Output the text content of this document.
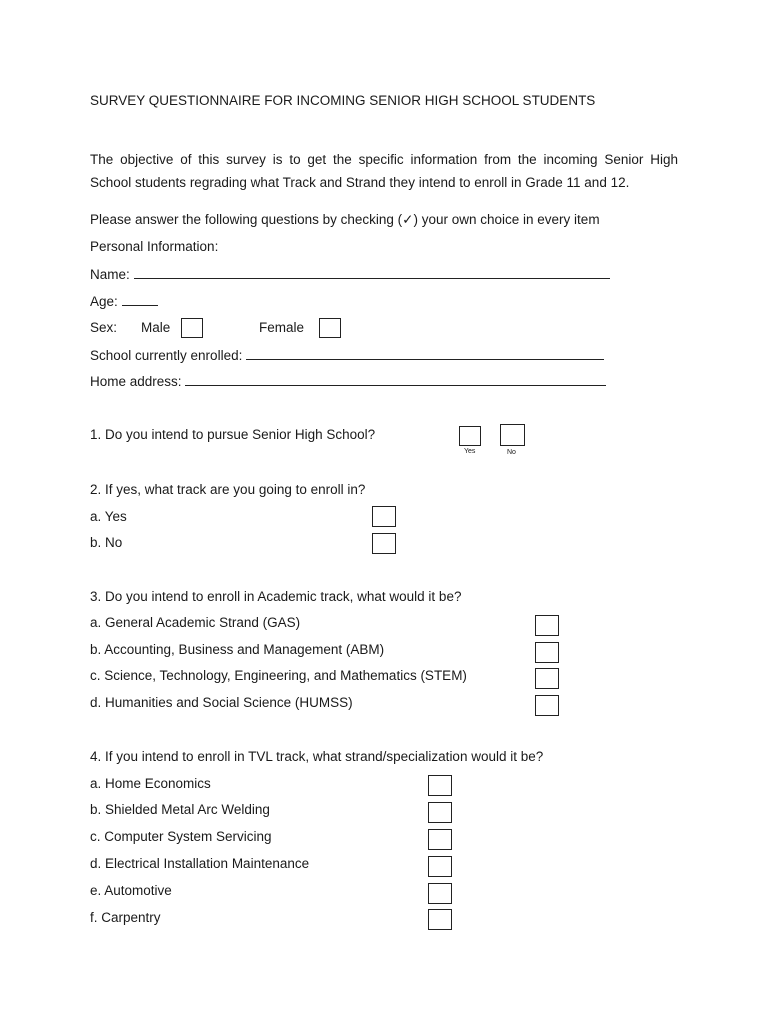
SURVEY QUESTIONNAIRE FOR INCOMING SENIOR HIGH SCHOOL STUDENTS
The objective of this survey is to get the specific information from the incoming Senior High
School students regrading what Track and Strand they intend to enroll in Grade 11 and 12.
Please answer the following questions by checking (✓) your own choice in every item
Personal Information:
Name:
Age:
Sex: Male	Female
School currently enrolled:
Home address:
1. Do you intend to pursue Senior High School?
Yes	No
2. If yes, what track are you going to enroll in?
a. Yes
b. No
3. Do you intend to enroll in Academic track, what would it be?
a. General Academic Strand (GAS)
b. Accounting, Business and Management (ABM)
c. Science, Technology, Engineering, and Mathematics (STEM)
d. Humanities and Social Science (HUMSS)
4. If you intend to enroll in TVL track, what strand/specialization would it be?
a. Home Economics
b. Shielded Metal Arc Welding
c. Computer System Servicing
d. Electrical Installation Maintenance
e. Automotive
f. Carpentry
